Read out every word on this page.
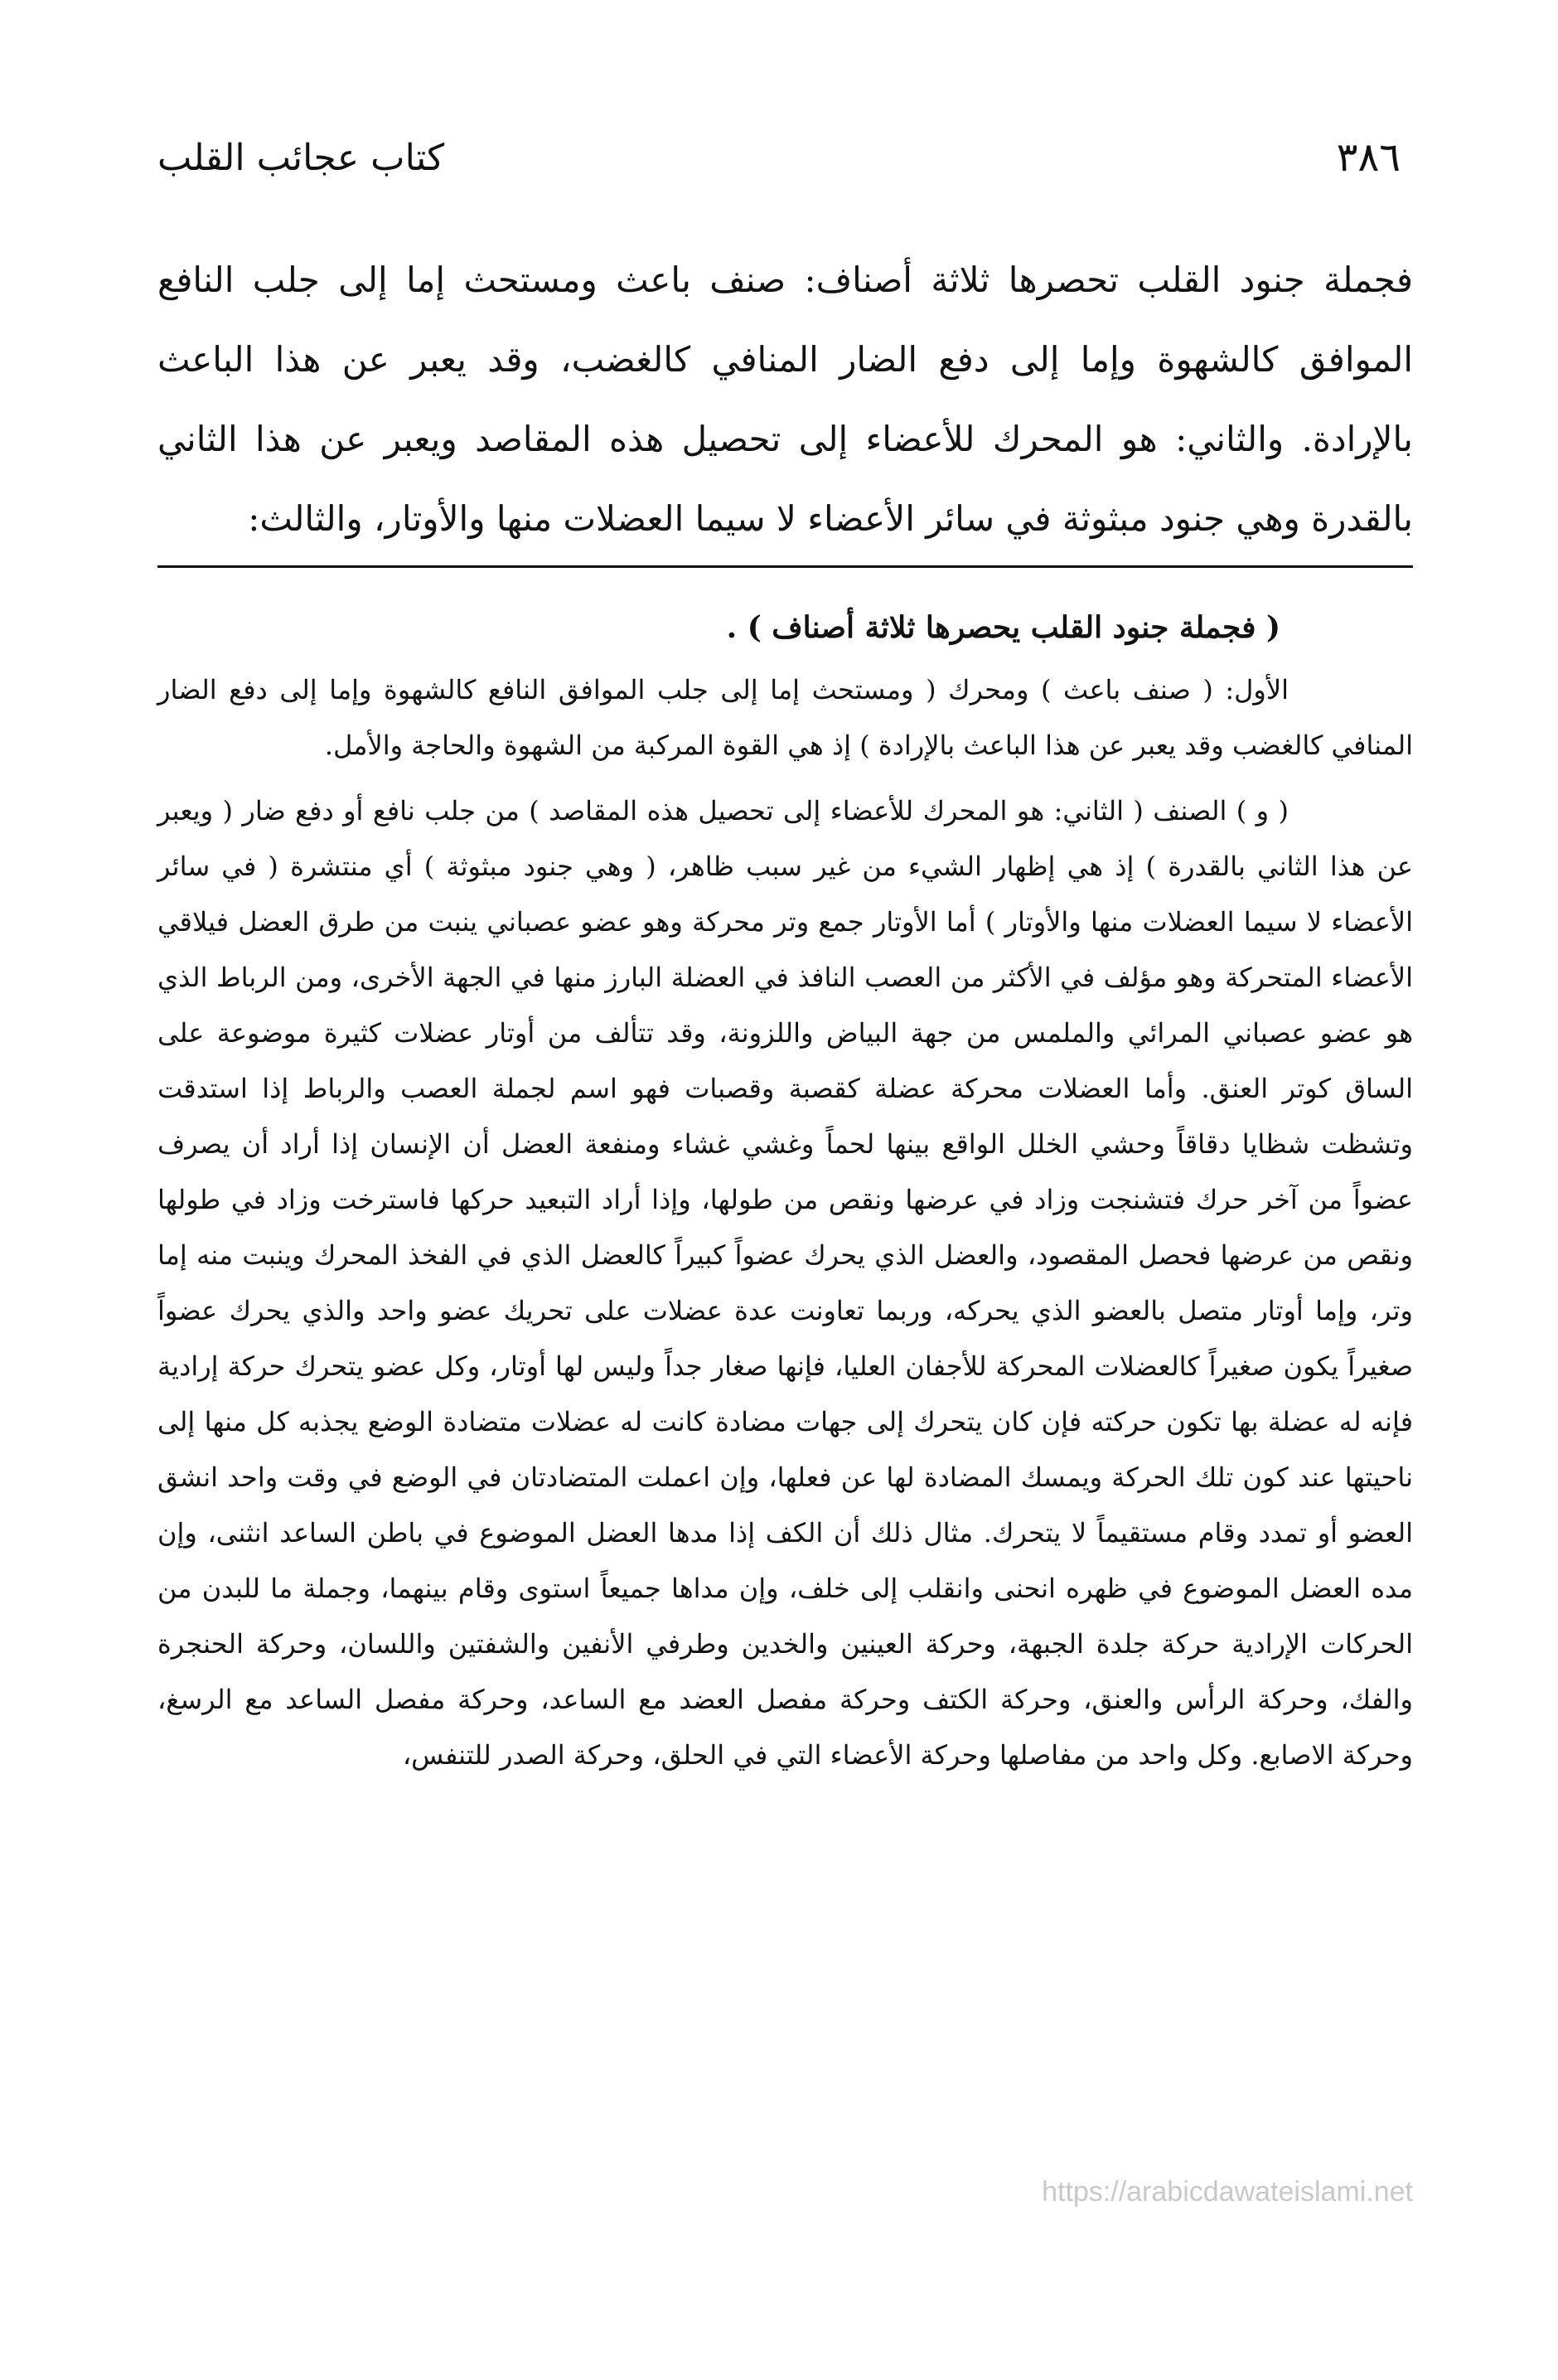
٣٨٦
كتاب عجائب القلب

فجملة جنود القلب تحصرها ثلاثة أصناف: صنف باعث ومستحث إما إلى جلب النافع الموافق كالشهوة وإما إلى دفع الضار المنافي كالغضب، وقد يعبر عن هذا الباعث بالإرادة. والثاني: هو المحرك للأعضاء إلى تحصيل هذه المقاصد ويعبر عن هذا الثاني بالقدرة وهي جنود مبثوثة في سائر الأعضاء لا سيما العضلات منها والأوتار، والثالث:

( فجملة جنود القلب يحصرها ثلاثة أصناف ) .

الأول: ( صنف باعث ) ومحرك ( ومستحث إما إلى جلب الموافق النافع كالشهوة وإما إلى دفع الضار المنافي كالغضب وقد يعبر عن هذا الباعث بالإرادة ) إذ هي القوة المركبة من الشهوة والحاجة والأمل.

( و ) الصنف ( الثاني: هو المحرك للأعضاء إلى تحصيل هذه المقاصد ) من جلب نافع أو دفع ضار ( ويعبر عن هذا الثاني بالقدرة ) إذ هي إظهار الشيء من غير سبب ظاهر، ( وهي جنود مبثوثة ) أي منتشرة ( في سائر الأعضاء لا سيما العضلات منها والأوتار ) أما الأوتار جمع وتر محركة وهو عضو عصباني ينبت من طرق العضل فيلاقي الأعضاء المتحركة وهو مؤلف في الأكثر من العصب النافذ في العضلة البارز منها في الجهة الأخرى، ومن الرباط الذي هو عضو عصباني المرائي والملمس من جهة البياض واللزونة، وقد تتألف من أوتار عضلات كثيرة موضوعة على الساق كوتر العنق. وأما العضلات محركة عضلة كقصبة وقصبات فهو اسم لجملة العصب والرباط إذا استدقت وتشظت شظايا دقاقاً وحشي الخلل الواقع بينها لحماً وغشي غشاء ومنفعة العضل أن الإنسان إذا أراد أن يصرف عضواً من آخر حرك فتشنجت وزاد في عرضها ونقص من طولها، وإذا أراد التبعيد حركها فاسترخت وزاد في طولها ونقص من عرضها فحصل المقصود، والعضل الذي يحرك عضواً كبيراً كالعضل الذي في الفخذ المحرك وينبت منه إما وتر، وإما أوتار متصل بالعضو الذي يحركه، وربما تعاونت عدة عضلات على تحريك عضو واحد والذي يحرك عضواً صغيراً يكون صغيراً كالعضلات المحركة للأجفان العليا، فإنها صغار جداً وليس لها أوتار، وكل عضو يتحرك حركة إرادية فإنه له عضلة بها تكون حركته فإن كان يتحرك إلى جهات مضادة كانت له عضلات متضادة الوضع يجذبه كل منها إلى ناحيتها عند كون تلك الحركة ويمسك المضادة لها عن فعلها، وإن اعملت المتضادتان في الوضع في وقت واحد انشق العضو أو تمدد وقام مستقيماً لا يتحرك. مثال ذلك أن الكف إذا مدها العضل الموضوع في باطن الساعد انثنى، وإن مده العضل الموضوع في ظهره انحنى وانقلب إلى خلف، وإن مداها جميعاً استوى وقام بينهما، وجملة ما للبدن من الحركات الإرادية حركة جلدة الجبهة، وحركة العينين والخدين وطرفي الأنفين والشفتين واللسان، وحركة الحنجرة والفك، وحركة الرأس والعنق، وحركة الكتف وحركة مفصل العضد مع الساعد، وحركة مفصل الساعد مع الرسغ، وحركة الاصابع. وكل واحد من مفاصلها وحركة الأعضاء التي في الحلق، وحركة الصدر للتنفس،

https://arabicdawateislami.net
